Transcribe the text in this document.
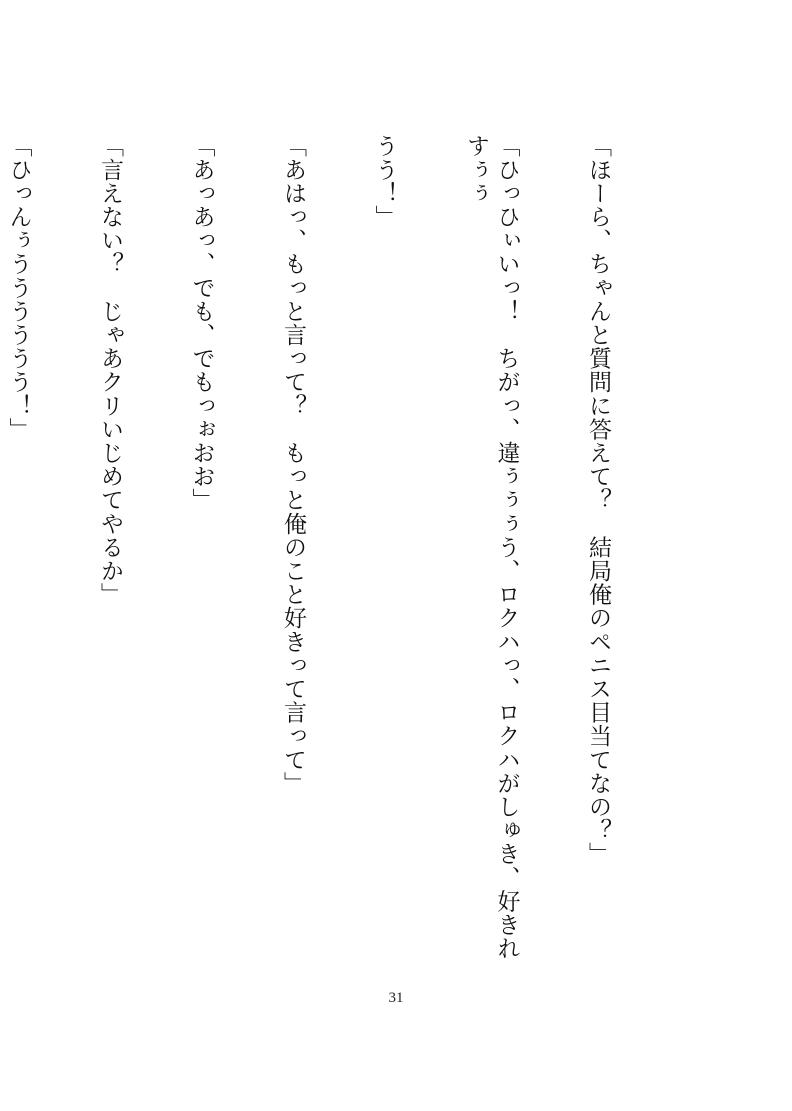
「ほーら、ちゃんと質問に答えて？　結局俺のペニス目当てなの？」

「ひっひぃいっ！　ちがっ、違ぅぅぅう、ロクハっ、ロクハがしゅき、好きれすぅぅ

うう！」

「あはっ、もっと言って？　もっと俺のこと好きって言って」

「あっあっ、でも、でもっぉおお」

「言えない？　じゃあクリいじめてやるか」

「ひっんぅうううううう！」

31
